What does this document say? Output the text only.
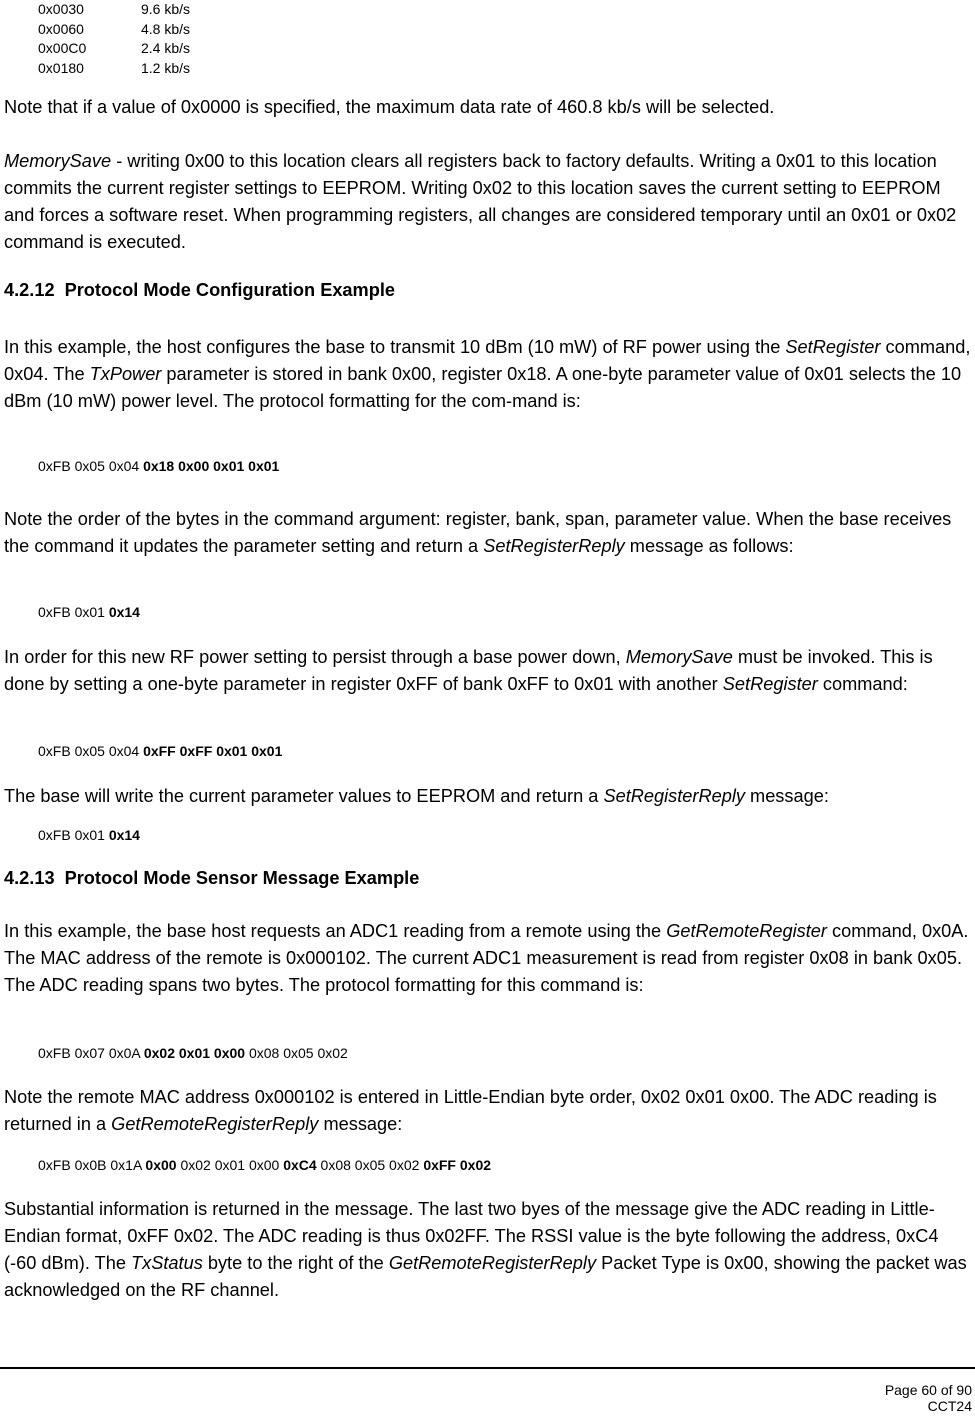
0x0030	9.6 kb/s
0x0060	4.8 kb/s
0x00C0	2.4 kb/s
0x0180	1.2 kb/s

Note that if a value of 0x0000 is specified, the maximum data rate of 460.8 kb/s will be selected.

MemorySave - writing 0x00 to this location clears all registers back to factory defaults. Writing a 0x01 to this location commits the current register settings to EEPROM. Writing 0x02 to this location saves the current setting to EEPROM and forces a software reset. When programming registers, all changes are considered temporary until an 0x01 or 0x02 command is executed.

4.2.12 Protocol Mode Configuration Example

In this example, the host configures the base to transmit 10 dBm (10 mW) of RF power using the SetRegister command, 0x04. The TxPower parameter is stored in bank 0x00, register 0x18. A one-byte parameter value of 0x01 selects the 10 dBm (10 mW) power level. The protocol formatting for the com-mand is:

0xFB 0x05 0x04 0x18 0x00 0x01 0x01

Note the order of the bytes in the command argument: register, bank, span, parameter value. When the base receives the command it updates the parameter setting and return a SetRegisterReply message as follows:

0xFB 0x01 0x14

In order for this new RF power setting to persist through a base power down, MemorySave must be invoked. This is done by setting a one-byte parameter in register 0xFF of bank 0xFF to 0x01 with another SetRegister command:

0xFB 0x05 0x04 0xFF 0xFF 0x01 0x01

The base will write the current parameter values to EEPROM and return a SetRegisterReply message:

0xFB 0x01 0x14
4.2.13 Protocol Mode Sensor Message Example

In this example, the base host requests an ADC1 reading from a remote using the GetRemoteRegister command, 0x0A. The MAC address of the remote is 0x000102. The current ADC1 measurement is read from register 0x08 in bank 0x05. The ADC reading spans two bytes. The protocol formatting for this command is:

0xFB 0x07 0x0A 0x02 0x01 0x00 0x08 0x05 0x02

Note the remote MAC address 0x000102 is entered in Little-Endian byte order, 0x02 0x01 0x00. The ADC reading is returned in a GetRemoteRegisterReply message:

0xFB 0x0B 0x1A 0x00 0x02 0x01 0x00 0xC4 0x08 0x05 0x02 0xFF 0x02

Substantial information is returned in the message. The last two byes of the message give the ADC reading in Little-Endian format, 0xFF 0x02. The ADC reading is thus 0x02FF. The RSSI value is the byte following the address, 0xC4 (-60 dBm). The TxStatus byte to the right of the GetRemoteRegisterReply Packet Type is 0x00, showing the packet was acknowledged on the RF channel.

Page 60 of 90
CCT24
